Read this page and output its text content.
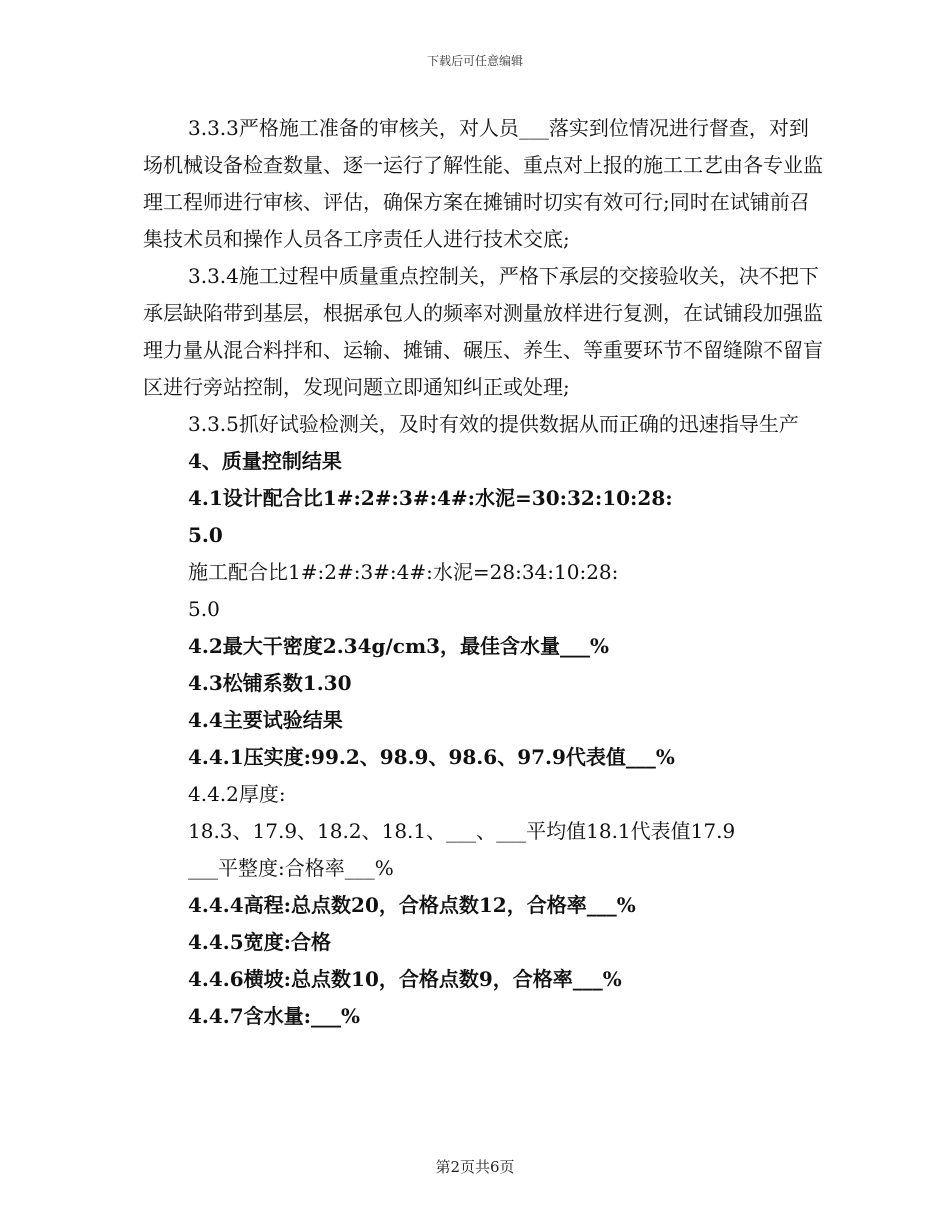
下载后可任意编辑

3.3.3严格施工准备的审核关，对人员___落实到位情况进行督查，对到场机械设备检查数量、逐一运行了解性能、重点对上报的施工工艺由各专业监理工程师进行审核、评估，确保方案在摊铺时切实有效可行;同时在试铺前召集技术员和操作人员各工序责任人进行技术交底;

3.3.4施工过程中质量重点控制关，严格下承层的交接验收关，决不把下承层缺陷带到基层，根据承包人的频率对测量放样进行复测，在试铺段加强监理力量从混合料拌和、运输、摊铺、碾压、养生、等重要环节不留缝隙不留盲区进行旁站控制，发现问题立即通知纠正或处理;

3.3.5抓好试验检测关，及时有效的提供数据从而正确的迅速指导生产

4、质量控制结果
4.1设计配合比1#:2#:3#:4#:水泥=30:32:10:28:
5.0
施工配合比1#:2#:3#:4#:水泥=28:34:10:28:
5.0
4.2最大干密度2.34g/cm3，最佳含水量___%
4.3松铺系数1.30
4.4主要试验结果
4.4.1压实度:99.2、98.9、98.6、97.9代表值___%
4.4.2厚度:
18.3、17.9、18.2、18.1、___、___平均值18.1代表值17.9
___平整度:合格率___%
4.4.4高程:总点数20，合格点数12，合格率___%
4.4.5宽度:合格
4.4.6横坡:总点数10，合格点数9，合格率___%
4.4.7含水量:___%
第2页共6页
